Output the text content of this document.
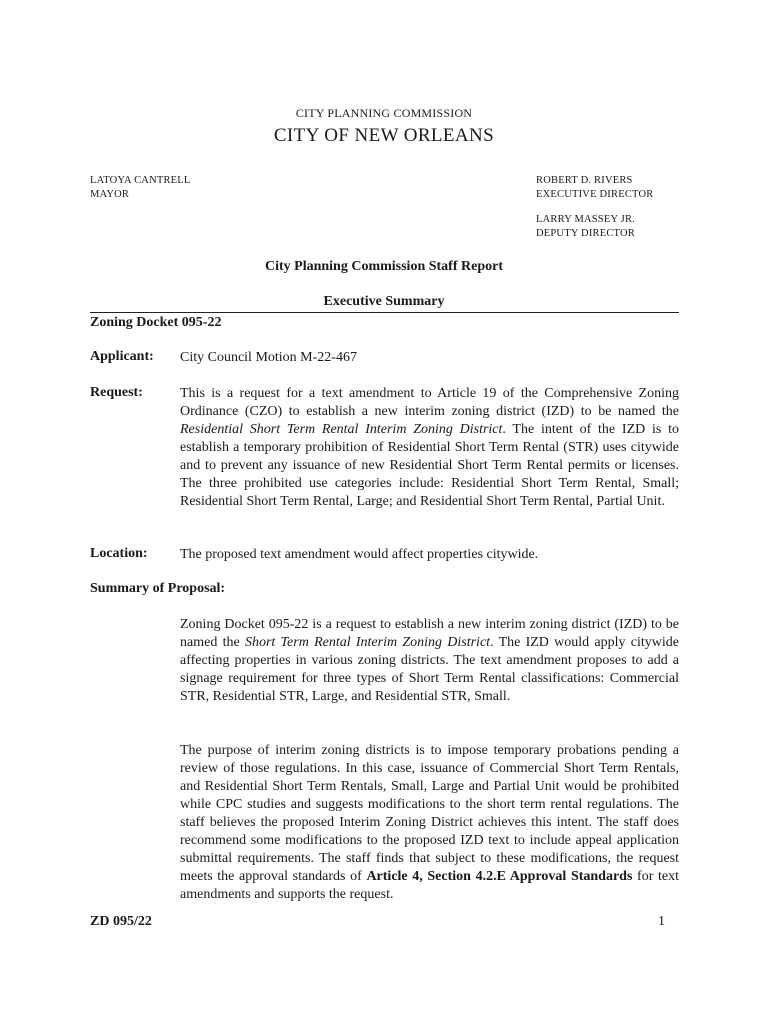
CITY PLANNING COMMISSION
CITY OF NEW ORLEANS
LATOYA CANTRELL
MAYOR
ROBERT D. RIVERS
EXECUTIVE DIRECTOR
LARRY MASSEY JR.
DEPUTY DIRECTOR
City Planning Commission Staff Report
Executive Summary
Zoning Docket 095-22
Applicant: City Council Motion M-22-467
Request:	This is a request for a text amendment to Article 19 of the Comprehensive Zoning Ordinance (CZO) to establish a new interim zoning district (IZD) to be named the Residential Short Term Rental Interim Zoning District. The intent of the IZD is to establish a temporary prohibition of Residential Short Term Rental (STR) uses citywide and to prevent any issuance of new Residential Short Term Rental permits or licenses. The three prohibited use categories include: Residential Short Term Rental, Small; Residential Short Term Rental, Large; and Residential Short Term Rental, Partial Unit.

Location: The proposed text amendment would affect properties citywide.
Summary of Proposal:

Zoning Docket 095-22 is a request to establish a new interim zoning district (IZD) to be named the Short Term Rental Interim Zoning District. The IZD would apply citywide affecting properties in various zoning districts. The text amendment proposes to add a signage requirement for three types of Short Term Rental classifications: Commercial STR, Residential STR, Large, and Residential STR, Small.

The purpose of interim zoning districts is to impose temporary probations pending a review of those regulations. In this case, issuance of Commercial Short Term Rentals, and Residential Short Term Rentals, Small, Large and Partial Unit would be prohibited while CPC studies and suggests modifications to the short term rental regulations. The staff believes the proposed Interim Zoning District achieves this intent. The staff does recommend some modifications to the proposed IZD text to include appeal application submittal requirements. The staff finds that subject to these modifications, the request meets the approval standards of Article 4, Section 4.2.E Approval Standards for text amendments and supports the request.

ZD 095/22	1
